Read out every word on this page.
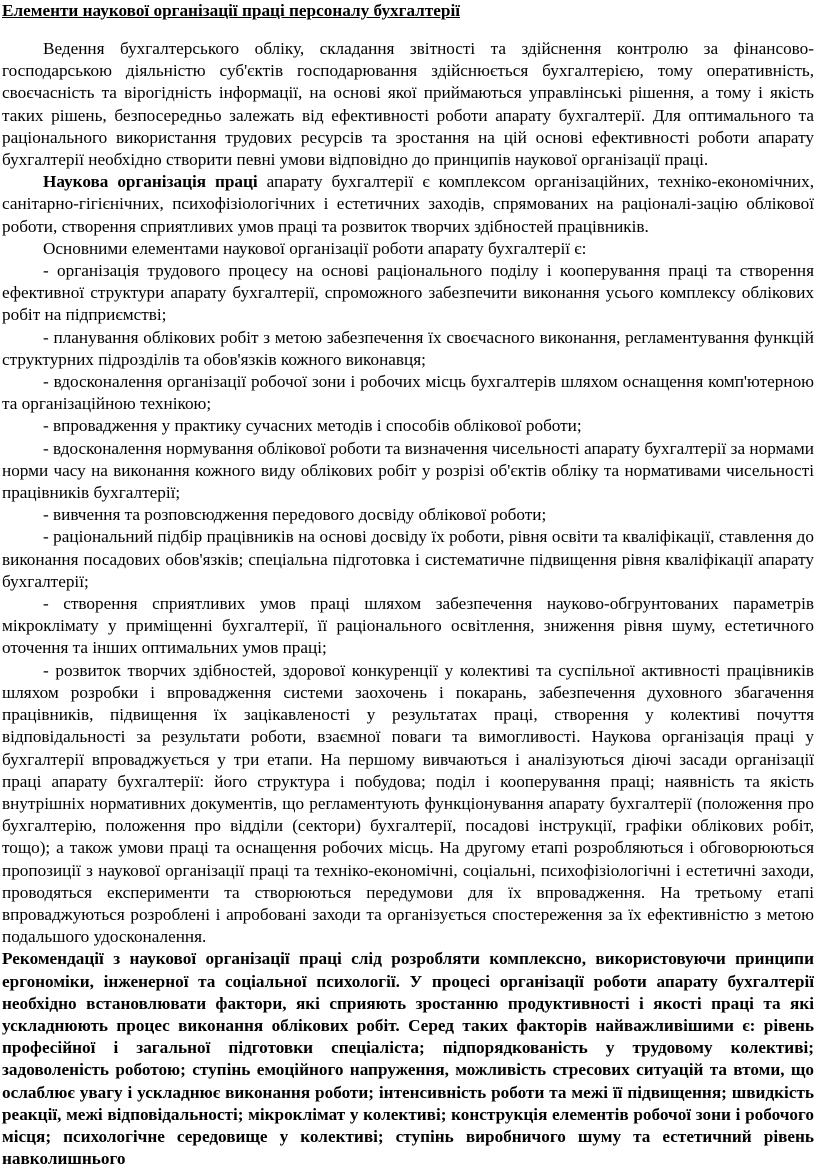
Елементи наукової організації праці персоналу бухгалтерії

Ведення бухгалтерського обліку, складання звітності та здійснення контролю за фінансово-господарською діяльністю суб'єктів господарювання здійснюється бухгалтерією, тому оперативність, своєчасність та вірогідність інформації, на основі якої приймаються управлінські рішення, а тому і якість таких рішень, безпосередньо залежать від ефективності роботи апарату бухгалтерії. Для оптимального та раціонального використання трудових ресурсів та зростання на цій основі ефективності роботи апарату бухгалтерії необхідно створити певні умови відповідно до принципів наукової організації праці.

Наукова організація праці апарату бухгалтерії є комплексом організаційних, техніко-економічних, санітарно-гігієнічних, психофізіологічних і естетичних заходів, спрямованих на раціоналі-зацію облікової роботи, створення сприятливих умов праці та розвиток творчих здібностей працівників.

Основними елементами наукової організації роботи апарату бухгалтерії є:

- організація трудового процесу на основі раціонального поділу і кооперування праці та створення ефективної структури апарату бухгалтерії, спроможного забезпечити виконання усього комплексу облікових робіт на підприємстві;

- планування облікових робіт з метою забезпечення їх своєчасного виконання, регламентування функцій структурних підрозділів та обов'язків кожного виконавця;

- вдосконалення організації робочої зони і робочих місць бухгалтерів шляхом оснащення комп'ютерною та організаційною технікою;

- впровадження у практику сучасних методів і способів облікової роботи;

- вдосконалення нормування облікової роботи та визначення чисельності апарату бухгалтерії за нормами норми часу на виконання кожного виду облікових робіт у розрізі об'єктів обліку та нормативами чисельності працівників бухгалтерії;

- вивчення та розповсюдження передового досвіду облікової роботи;

- раціональний підбір працівників на основі досвіду їх роботи, рівня освіти та кваліфікації, ставлення до виконання посадових обов'язків; спеціальна підготовка і систематичне підвищення рівня кваліфікації апарату бухгалтерії;

- створення сприятливих умов праці шляхом забезпечення науково-обгрунтованих параметрів мікроклімату у приміщенні бухгалтерії, її раціонального освітлення, зниження рівня шуму, естетичного оточення та інших оптимальних умов праці;

- розвиток творчих здібностей, здорової конкуренції у колективі та суспільної активності працівників шляхом розробки і впровадження системи заохочень і покарань, забезпечення духовного збагачення працівників, підвищення їх зацікавленості у результатах праці, створення у колективі почуття відповідальності за результати роботи, взаємної поваги та вимогливості. Наукова організація праці у бухгалтерії впроваджується у три етапи. На першому вивчаються і аналізуються діючі засади організації праці апарату бухгалтерії: його структура і побудова; поділ і кооперування праці; наявність та якість внутрішніх нормативних документів, що регламентують функціонування апарату бухгалтерії (положення про бухгалтерію, положення про відділи (сектори) бухгалтерії, посадові інструкції, графіки облікових робіт, тощо); а також умови праці та оснащення робочих місць. На другому етапі розробляються і обговорюються пропозиції з наукової організації праці та техніко-економічні, соціальні, психофізіологічні і естетичні заходи, проводяться експерименти та створюються передумови для їх впровадження. На третьому етапі впроваджуються розроблені і апробовані заходи та організується спостереження за їх ефективністю з метою подальшого удосконалення.

Рекомендації з наукової організації праці слід розробляти комплексно, використовуючи принципи ергономіки, інженерної та соціальної психології. У процесі організації роботи апарату бухгалтерії необхідно встановлювати фактори, які сприяють зростанню продуктивності і якості праці та які ускладнюють процес виконання облікових робіт. Серед таких факторів найважливішими є: рівень професійної і загальної підготовки спеціаліста; підпорядкованість у трудовому колективі; задоволеність роботою; ступінь емоційного напруження, можливість стресових ситуацій та втоми, що ослаблює увагу і ускладнює виконання роботи; інтенсивність роботи та межі її підвищення; швидкість реакції, межі відповідальності; мікроклімат у колективі; конструкція елементів робочої зони і робочого місця; психологічне середовище у колективі; ступінь виробничого шуму та естетичний рівень навколишнього
